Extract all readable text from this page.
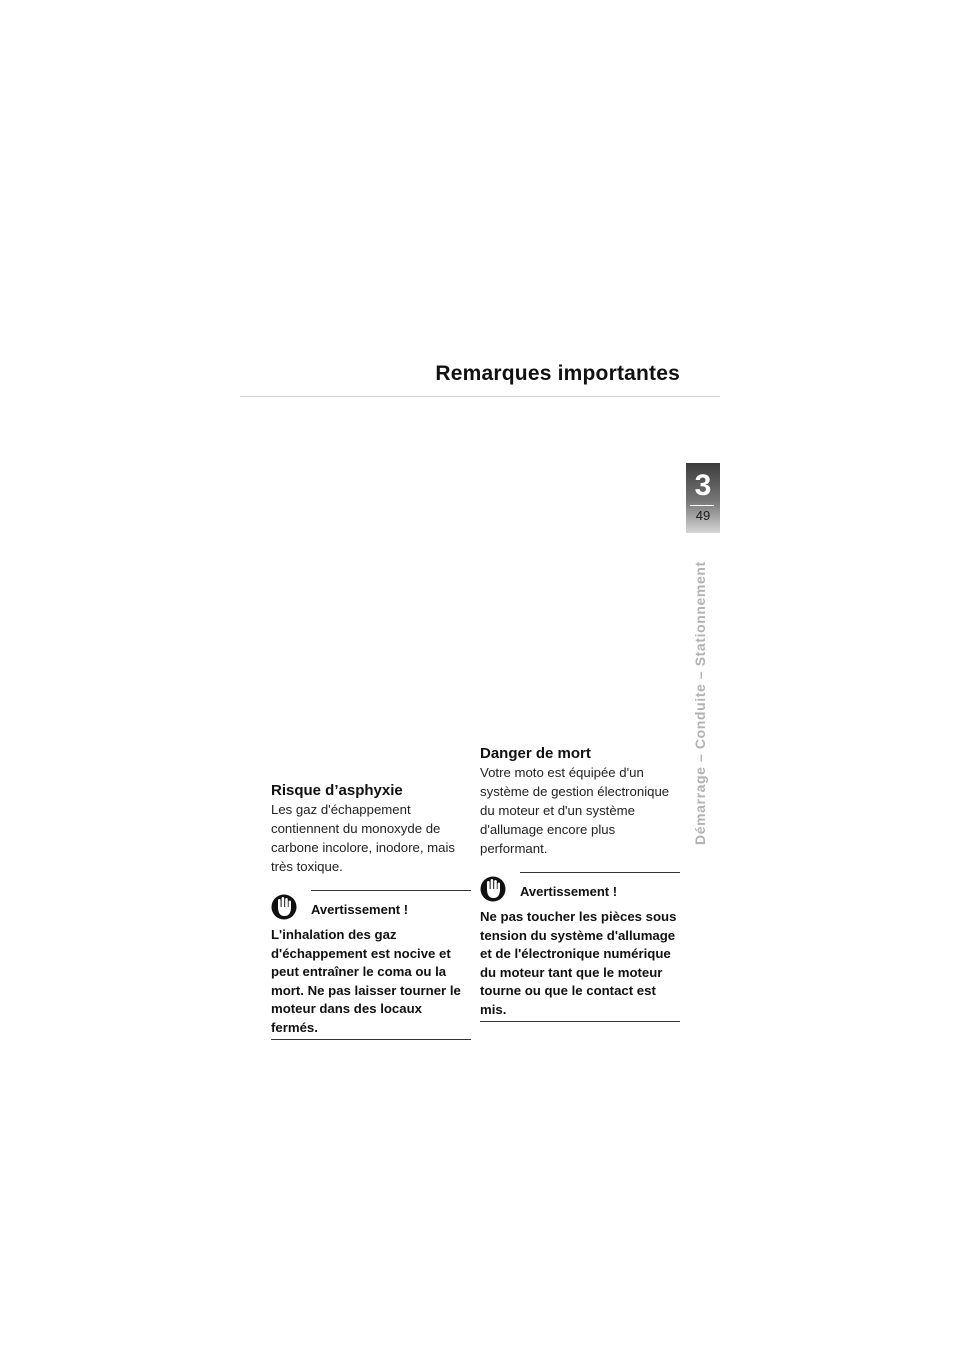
Remarques importantes
3
49
Démarrage – Conduite – Stationnement

Risque d’asphyxie

Les gaz d'échappement contiennent du monoxyde de carbone incolore, inodore, mais très toxique.

Avertissement !

L'inhalation des gaz d'échappement est nocive et peut entraîner le coma ou la mort. Ne pas laisser tourner le moteur dans des locaux fermés.

Danger de mort

Votre moto est équipée d'un système de gestion électronique du moteur et d'un système d'allumage encore plus performant.

Avertissement !

Ne pas toucher les pièces sous tension du système d'allumage et de l'électronique numérique du moteur tant que le moteur tourne ou que le contact est mis.
